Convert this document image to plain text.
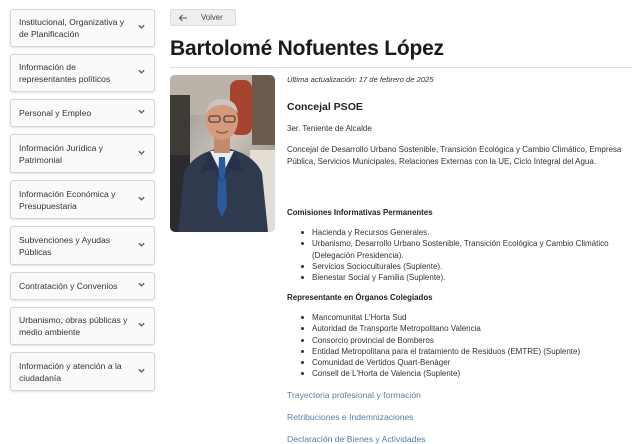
Institucional, Organizativa y de Planificación
Información de representantes políticos
Personal y Empleo
Información Jurídica y Patrimonial
Información Económica y Presupuestaria
Subvenciones y Ayudas Públicas
Contratación y Convenios
Urbanismo, obras públicas y medio ambiente
Información y atención a la ciudadanía
Volver
Bartolomé Nofuentes López
Última actualización: 17 de febrero de 2025
Concejal PSOE
3er. Teniente de Alcalde
Concejal de Desarrollo Urbano Sostenible, Transición Ecológica y Cambio Climático, Empresa Pública, Servicios Municipales, Relaciones Externas con la UE, Ciclo Integral del Agua.
Comisiones Informativas Permanentes
Hacienda y Recursos Generales.
Urbanismo, Desarrollo Urbano Sostenible, Transición Ecológica y Cambio Climático (Delegación Presidencia).
Servicios Socioculturales (Suplente).
Bienestar Social y Familia (Suplente).
Representante en Órganos Colegiados
Mancomunitat L'Horta Sud
Autoridad de Transporte Metropolitano Valencia
Consorcio provincial de Bomberos
Entidad Metropolitana para el tratamiento de Residuos (EMTRE) (Suplente)
Comunidad de Vertidos Quart-Benàger
Consell de L'Horta de Valencia (Suplente)
Trayectoria profesional y formación
Retribuciones e Indemnizaciones
Declaración de Bienes y Actividades
